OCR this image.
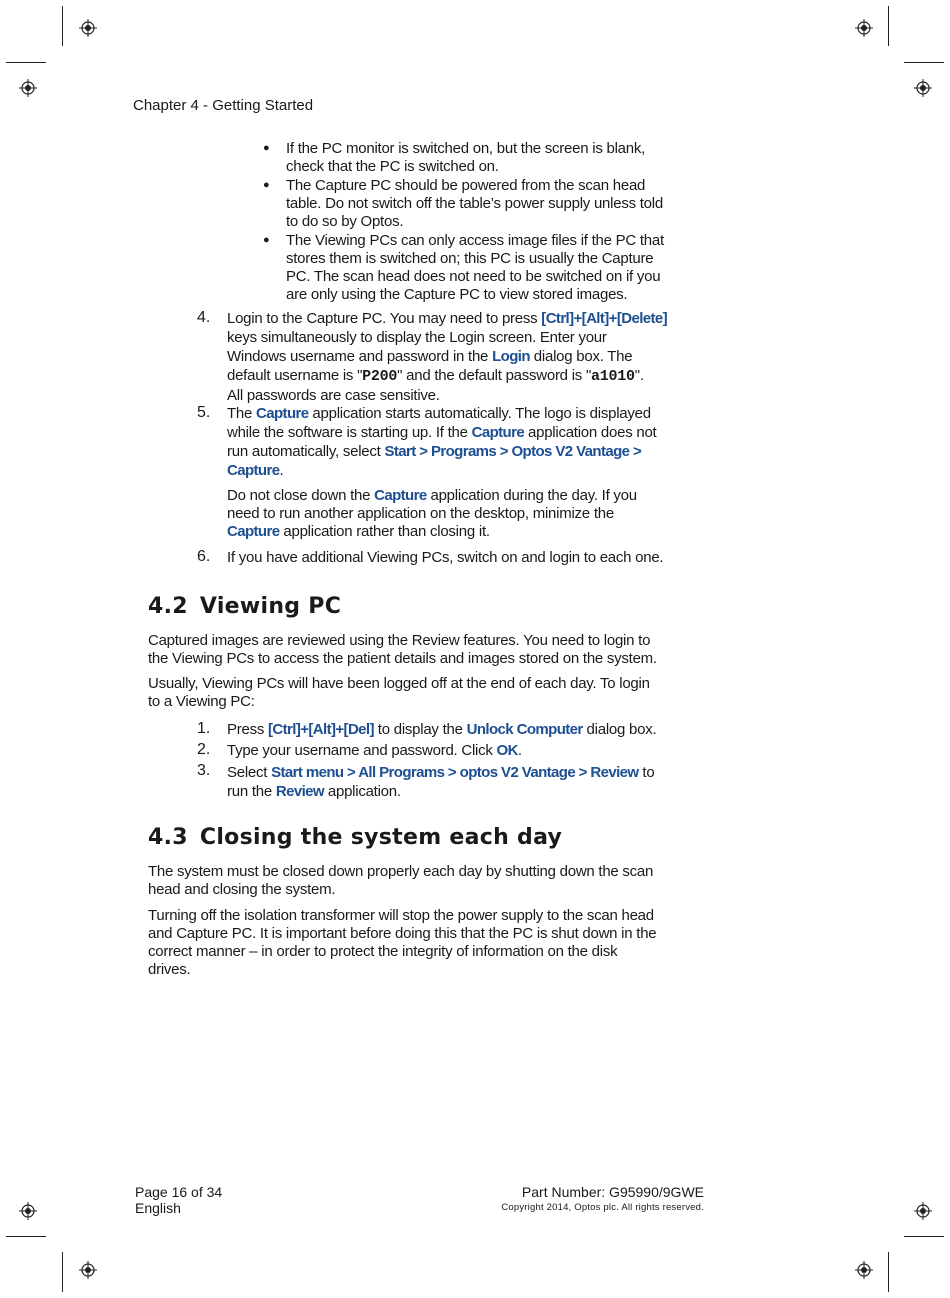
Chapter 4 - Getting Started
● If the PC monitor is switched on, but the screen is blank,
check that the PC is switched on.
● The Capture PC should be powered from the scan head
table. Do not switch off the table’s power supply unless told
to do so by Optos.
● The Viewing PCs can only access image files if the PC that
stores them is switched on; this PC is usually the Capture
PC. The scan head does not need to be switched on if you
are only using the Capture PC to view stored images.
4. Login to the Capture PC. You may need to press [Ctrl]+[Alt]+[Delete]
keys simultaneously to display the Login screen. Enter your
Windows username and password in the Login dialog box. The
default username is "P200" and the default password is "a1010".
All passwords are case sensitive.
5. The Capture application starts automatically. The logo is displayed
while the software is starting up. If the Capture application does not
run automatically, select Start > Programs > Optos V2 Vantage >
Capture.
Do not close down the Capture application during the day. If you
need to run another application on the desktop, minimize the
Capture application rather than closing it.
6. If you have additional Viewing PCs, switch on and login to each one.
4.2 Viewing PC
Captured images are reviewed using the Review features. You need to login to
the Viewing PCs to access the patient details and images stored on the system.
Usually, Viewing PCs will have been logged off at the end of each day. To login
to a Viewing PC:
1. Press [Ctrl]+[Alt]+[Del] to display the Unlock Computer dialog box.
2. Type your username and password. Click OK.
3. Select Start menu > All Programs > optos V2 Vantage > Review to
run the Review application.
4.3 Closing the system each day
The system must be closed down properly each day by shutting down the scan
head and closing the system.
Turning off the isolation transformer will stop the power supply to the scan head
and Capture PC. It is important before doing this that the PC is shut down in the
correct manner – in order to protect the integrity of information on the disk
drives.
Page 16 of 34
English
Part Number: G95990/9GWE
Copyright 2014, Optos plc. All rights reserved.
